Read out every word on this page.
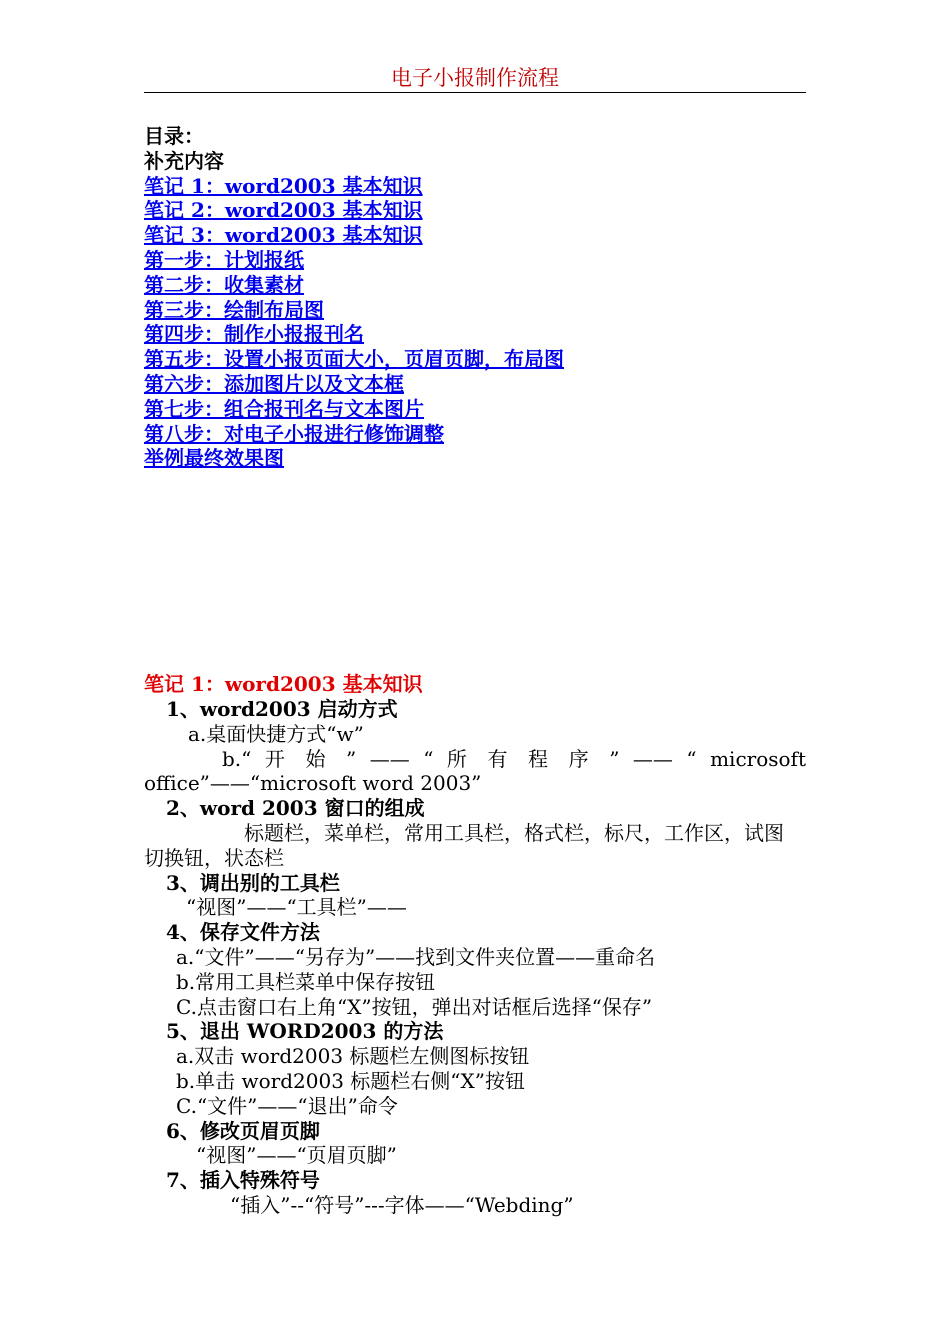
电子小报制作流程
目录：
补充内容
笔记 1：word2003 基本知识
笔记 2：word2003 基本知识
笔记 3：word2003 基本知识
第一步：计划报纸
第二步：收集素材
第三步：绘制布局图
第四步：制作小报报刊名
第五步：设置小报页面大小，页眉页脚，布局图
第六步：添加图片以及文本框
第七步：组合报刊名与文本图片
第八步：对电子小报进行修饰调整
举例最终效果图
笔记 1：word2003 基本知识
1、word2003 启动方式
a.桌面快捷方式“w”
b.“ 开 始 ” —— “ 所 有 程 序 ” —— “ microsoft
office”——“microsoft word 2003”
2、word 2003 窗口的组成
标题栏，菜单栏，常用工具栏，格式栏，标尺，工作区，试图
切换钮，状态栏
3、调出别的工具栏
“视图”——“工具栏”——
4、保存文件方法
a.“文件”——“另存为”——找到文件夹位置——重命名
b.常用工具栏菜单中保存按钮
C.点击窗口右上角“X”按钮，弹出对话框后选择“保存”
5、退出 WORD2003 的方法
a.双击 word2003 标题栏左侧图标按钮
b.单击 word2003 标题栏右侧“X”按钮
C.“文件”——“退出”命令
6、修改页眉页脚
“视图”——“页眉页脚”
7、插入特殊符号
“插入”--“符号”---字体——“Webding”
